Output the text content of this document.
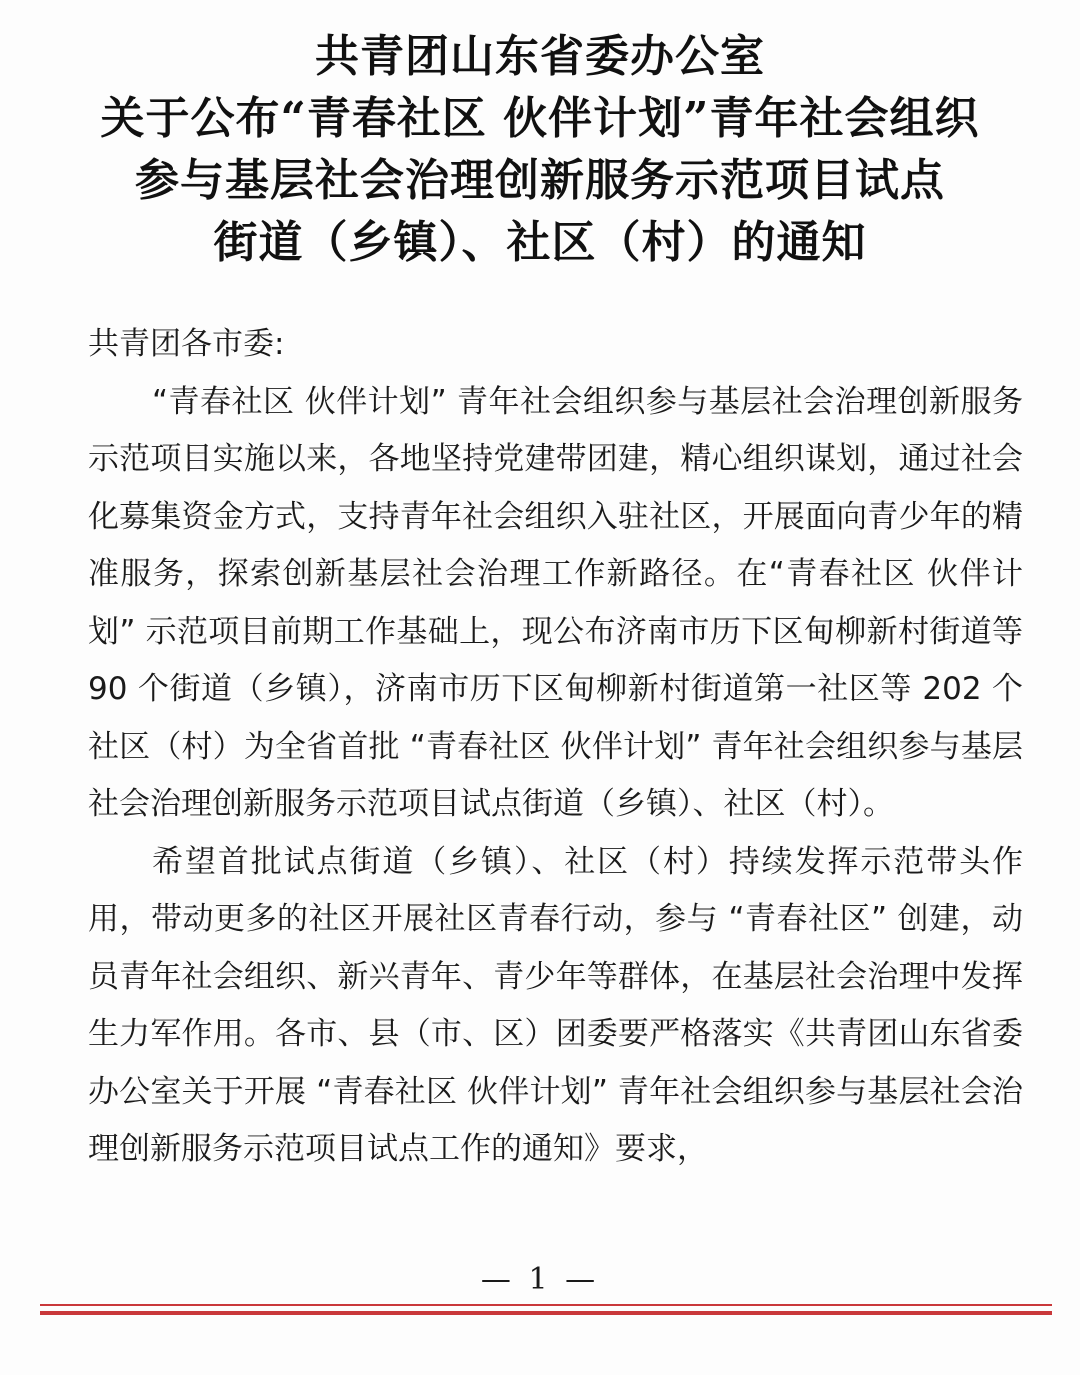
共青团山东省委办公室
关于公布“青春社区 伙伴计划”青年社会组织
参与基层社会治理创新服务示范项目试点
街道（乡镇）、社区（村）的通知

共青团各市委:

“青春社区 伙伴计划” 青年社会组织参与基层社会治理创新服务示范项目实施以来，各地坚持党建带团建，精心组织谋划，通过社会化募集资金方式，支持青年社会组织入驻社区，开展面向青少年的精准服务，探索创新基层社会治理工作新路径。在“青春社区 伙伴计划” 示范项目前期工作基础上，现公布济南市历下区甸柳新村街道等 90 个街道（乡镇），济南市历下区甸柳新村街道第一社区等 202 个社区（村）为全省首批 “青春社区 伙伴计划” 青年社会组织参与基层社会治理创新服务示范项目试点街道（乡镇）、社区（村）。

希望首批试点街道（乡镇）、社区（村）持续发挥示范带头作用，带动更多的社区开展社区青春行动，参与 “青春社区” 创建，动员青年社会组织、新兴青年、青少年等群体，在基层社会治理中发挥生力军作用。各市、县（市、区）团委要严格落实《共青团山东省委办公室关于开展 “青春社区 伙伴计划” 青年社会组织参与基层社会治理创新服务示范项目试点工作的通知》要求，

— 1 —
